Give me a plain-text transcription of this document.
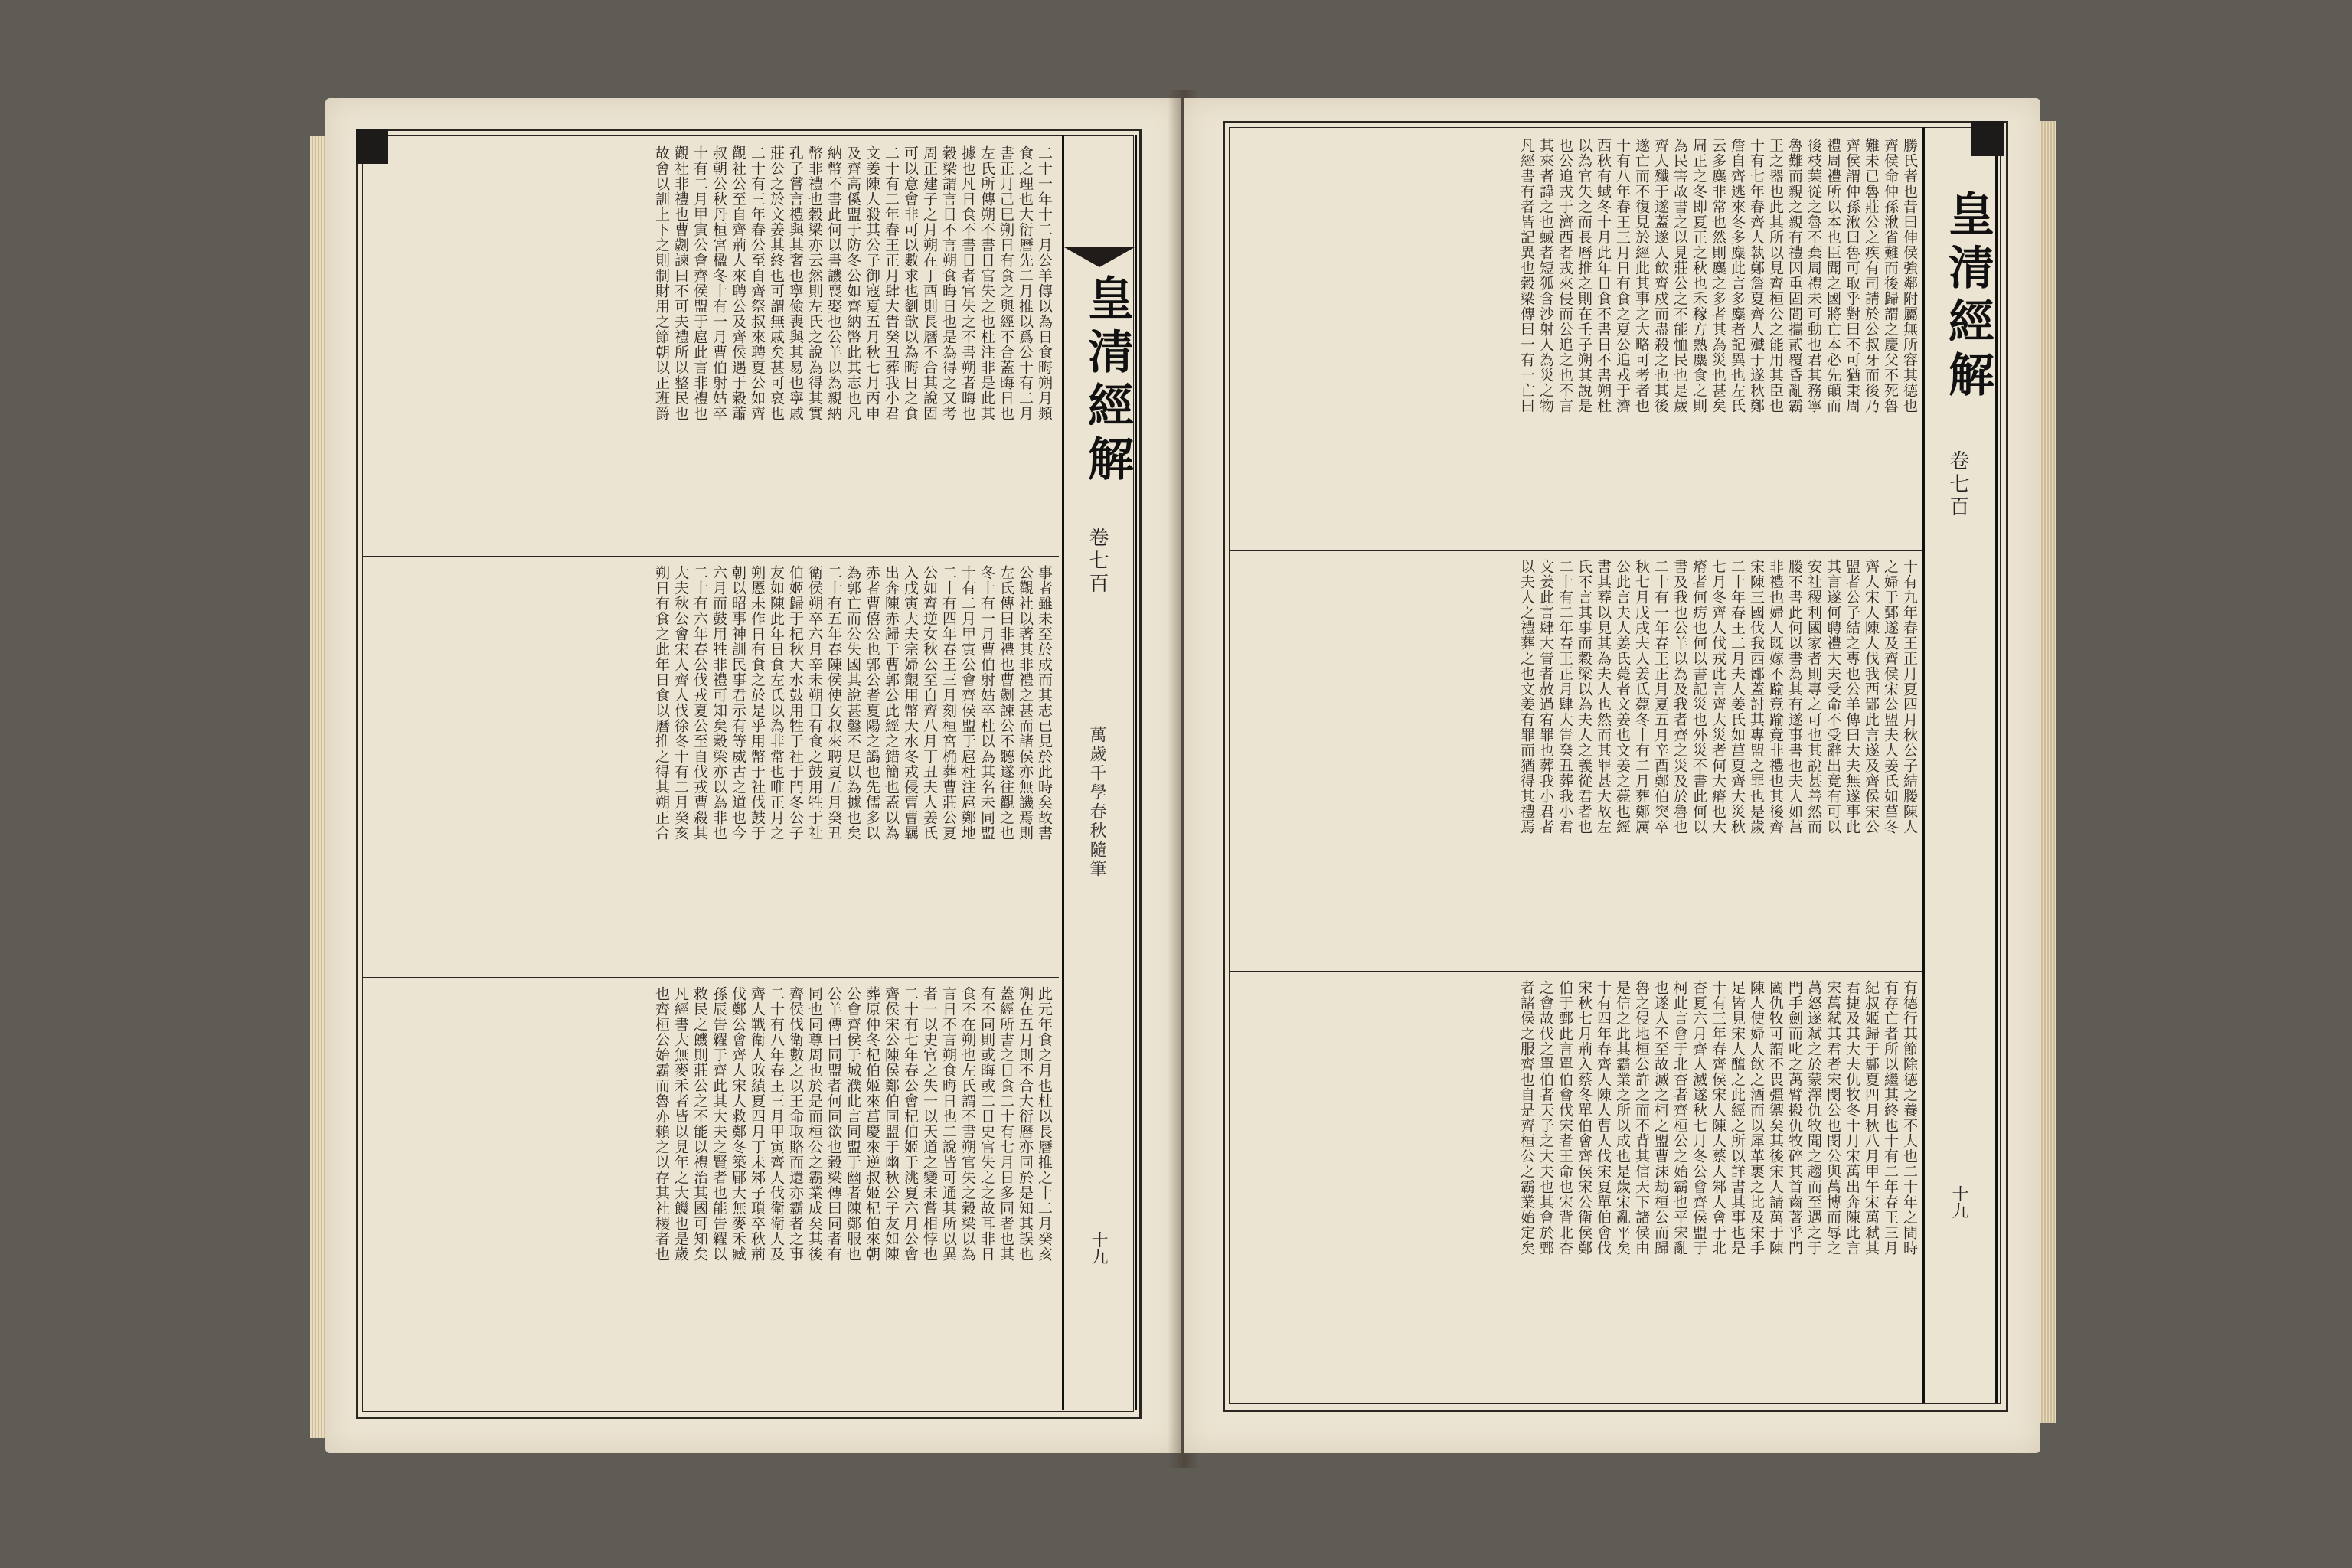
二十一年十二月公羊傳以為日食晦朔月頻
食之理也大衍曆先二月推以爲公十有二月
書正月己巳朔日有食之與經不合蓋晦日也
左氏所傳朔不書日官失之也杜注非是此其
據也凡日食不書日者官失之不書朔者晦也
穀梁謂言日不言朔食晦日也是為得之又考
周正建子之月朔在丁酉則長曆不合其說固
可以意會非可以數求也劉歆以為晦日之食
二十有二年春王正月肆大眚癸丑葬我小君
文姜陳人殺其公子御寇夏五月秋七月丙申
及齊高傒盟于防冬公如齊納幣此其志也凡
納幣不書此何以書譏喪娶也公羊以為親納
幣非禮也穀梁亦云然則左氏之說為得其實
孔子嘗言禮與其奢也寧儉喪與其易也寧戚
莊公之於文姜其終也可謂無戚矣甚可哀也
二十有三年春公至自齊祭叔來聘夏公如齊
觀社公至自齊荊人來聘公及齊侯遇于穀蕭
叔朝公秋丹桓宮楹冬十有一月曹伯射姑卒
十有二月甲寅公會齊侯盟于扈此言非禮也
觀社非禮也曹劌諫曰不可夫禮所以整民也
故會以訓上下之則制財用之節朝以正班爵
事者雖未至於成而其志已見於此時矣故書
公觀社以著其非禮之甚而諸侯亦無譏焉則
左氏傳曰非禮也曹劌諫公不聽遂往觀之也
冬十有一月曹伯射姑卒杜以為其名未同盟
十有二月甲寅公會齊侯盟于扈杜注扈鄭地
二十有四年春王三月刻桓宮桷葬曹莊公夏
公如齊逆女秋公至自齊八月丁丑夫人姜氏
入戊寅大夫宗婦覿用幣大水冬戎侵曹曹羈
出奔陳赤歸于曹郭公此經之錯簡也蓋以為
赤者曹僖公也郭公者夏陽之譌也先儒多以
為郭亡而公失國其說甚鑿不足以為據也矣
二十有五年春陳侯使女叔來聘夏五月癸丑
衛侯朔卒六月辛未朔日有食之鼓用牲于社
伯姬歸于杞秋大水鼓用牲于社于門冬公子
友如陳此年日食左氏以為非常也唯正月之
朔慝未作日有食之於是乎用幣于社伐鼓于
朝以昭事神訓民事君示有等威古之道也今
六月而鼓用牲非禮可知矣穀梁亦以為非也
二十有六年春公伐戎夏公至自伐戎曹殺其
大夫秋公會宋人齊人伐徐冬十有二月癸亥
朔日有食之此年日食以曆推之得其朔正合
此元年食之月也杜以長曆推之十二月癸亥
朔在五月則不合大衍曆亦同於是知其誤也
蓋經所書之日食二十有七月日多同者也其
有不同則或晦或二日史官失之之故耳非日
食不在朔也左氏謂不書朔官失之穀梁以為
言日不言朔食晦日也二說皆可通其所以異
者一以史官之失一以天道之變未嘗相悖也
二十有七年春公會杞伯姬于洮夏六月公會
齊侯宋公陳侯鄭伯同盟于幽秋公子友如陳
葬原仲冬杞伯姬來莒慶來逆叔姬杞伯來朝
公會齊侯于城濮此言同盟于幽者陳鄭服也
公羊傳曰同盟者何同欲也穀梁傳曰同者有
同也同尊周也於是而桓公之霸業成矣其後
齊侯伐衛數之以王命取賂而還亦霸者之事
二十有八年春王三月甲寅齊人伐衛衛人及
齊人戰衛人敗績夏四月丁未邾子瑣卒秋荊
伐鄭公會齊人宋人救鄭冬築郿大無麥禾臧
孫辰告糴于齊此其大夫之賢者也能告糴以
救民之饑則莊公之不能以禮治其國可知矣
凡經書大無麥禾者皆以見年之大饑也是歲
也齊桓公始霸而魯亦賴之以存其社稷者也
皇清經解
卷七百
萬歲千學春秋隨筆
十九
皇清經解
卷七百
十九
勝氏者也昔曰伸侯強鄰附屬無所容其德也
齊侯命仲孫湫省難而後歸謂之慶父不死魯
難未已魯莊公之疾有司請於公叔牙而後乃
齊侯謂仲孫湫曰魯可取乎對曰不可猶秉周
禮周禮所以本也臣聞之國將亡本必先顛而
後枝葉從之魯不棄周禮未可動也君其務寧
魯難而親之親有禮因重固間攜貳覆昏亂霸
王之器也此其所以見齊桓公之能用其臣也
十有七年春齊人執鄭詹夏齊人殲于遂秋鄭
詹自齊逃來冬多麋此言多麋者記異也左氏
云多麋非常也然則麋之多者其為災也甚矣
周正之冬即夏正之秋也禾稼方熟麋食之則
為民害故書之以見莊公之不能恤民也是歲
齊人殲于遂蓋遂人飲齊戍而盡殺之也其後
遂亡而不復見於經此其事之大略可考者也
十有八年春王三月日有食之夏公追戎于濟
西秋有蜮冬十月此年日食不書日不書朔杜
以為官失之而長曆推之則在壬子朔其說是
也公追戎于濟西者戎來侵而公追之也不言
其來者諱之也蜮者短狐含沙射人為災之物
凡經書有者皆記異也穀梁傳曰一有一亡曰
十有九年春王正月夏四月秋公子結媵陳人
之婦于鄄遂及齊侯宋公盟夫人姜氏如莒冬
齊人宋人陳人伐我西鄙此言遂及齊侯宋公
盟者公子結之專也公羊傳曰大夫無遂事此
其言遂何聘禮大夫受命不受辭出竟有可以
安社稷利國家者則專之可也其說甚善然而
媵不書此何以書為其有遂事書也夫人如莒
非禮也婦人既嫁不踰竟踰竟非禮也其後齊
宋陳三國伐我西鄙蓋討其專盟之罪也是歲
二十年春王二月夫人姜氏如莒夏齊大災秋
七月冬齊人伐戎此言齊大災者何大瘠也大
瘠者何疠也何以書記災也外災不書此何以
書及我也公羊以為及我者齊之災及於魯也
二十有一年春王正月夏五月辛酉鄭伯突卒
秋七月戊戌夫人姜氏薨冬十有二月葬鄭厲
公此言夫人姜氏薨者文姜也文姜之薨也經
書其葬以見其為夫人也然而其罪甚大故左
氏不言其事而穀梁以為夫人之義從君者也
二十有二年春王正月肆大眚癸丑葬我小君
文姜此言肆大眚者赦過宥罪也葬我小君者
以夫人之禮葬之也文姜有罪而猶得其禮焉
有德行其節除德之養不大也二十年之間時
有存亡者所以繼其終也十有二年春王三月
紀叔姬歸于酅夏四月秋八月甲午宋萬弒其
君捷及其大夫仇牧冬十月宋萬出奔陳此言
宋萬弒其君者宋閔公也閔公與萬博而辱之
萬怒遂弒之於蒙澤仇牧聞之趨而至遇之于
門手劍而叱之萬臂摋仇牧碎其首齒著乎門
闔仇牧可謂不畏彊禦矣其後宋人請萬于陳
陳人使婦人飲之酒而以犀革裹之比及宋手
足皆見宋人醢之此經之所以詳書其事也是
十有三年春齊侯宋人陳人蔡人邾人會于北
杏夏六月齊人滅遂秋七月冬公會齊侯盟于
柯此言會于北杏者齊桓公之始霸也平宋亂
也遂人不至故滅之柯之盟曹沫劫桓公而歸
魯之侵地桓公許之而不背其信天下諸侯由
是信之此其霸業之所以成也是歲宋亂平矣
十有四年春齊人陳人曹人伐宋夏單伯會伐
宋秋七月荊入蔡冬單伯會齊侯宋公衛侯鄭
伯于鄄此言單伯會伐宋者王命也宋背北杏
之會故伐之單伯者天子之大夫也其會於鄄
者諸侯之服齊也自是齊桓公之霸業始定矣
